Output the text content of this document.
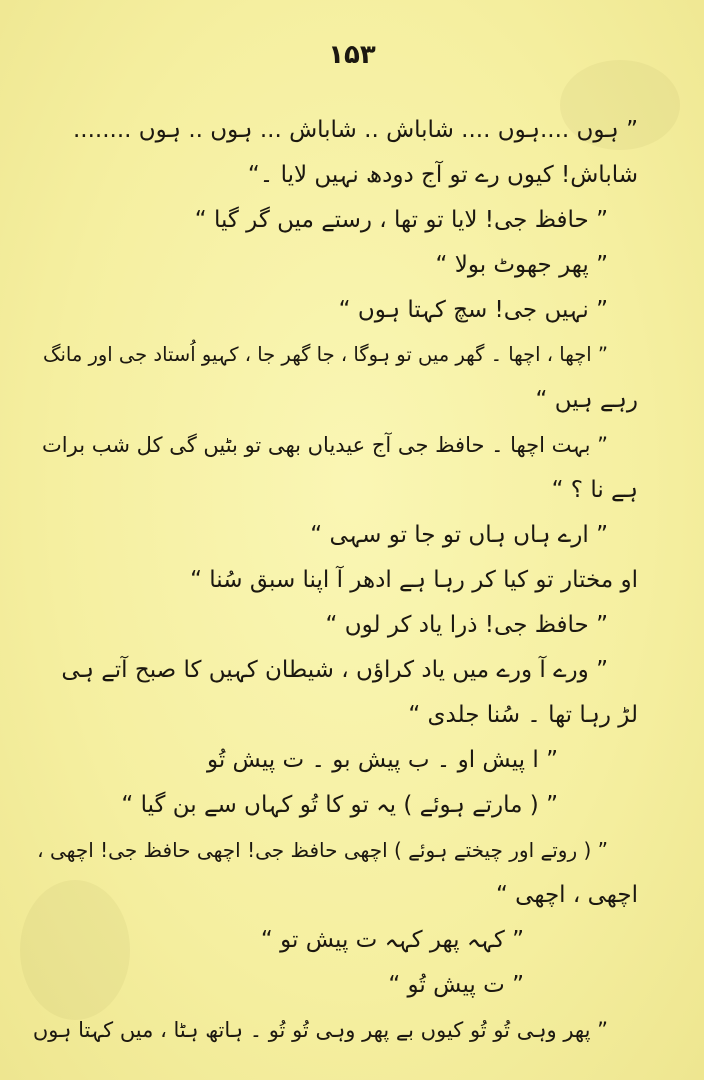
۱۵۳
” ہوں ....ہوں .... شاباش .. شاباش ... ہوں .. ہوں ........
شاباش! کیوں رے تو آج دودھ نہیں لایا ۔“
” حافظ جی! لایا تو تھا ، رستے میں گر گیا “
” پھر جھوٹ بولا “
” نہیں جی! سچ کہتا ہوں “
” اچھا ، اچھا ۔ گھر میں تو ہوگا ، جا گھر جا ، کہیو اُستاد جی اور مانگ
رہے ہیں “
” بہت اچھا ۔ حافظ جی آج عیدیاں بھی تو بٹیں گی کل شب برات
ہے نا ؟ “
” ارے ہاں ہاں تو جا تو سہی “
او مختار تو کیا کر رہا ہے ادھر آ اپنا سبق سُنا “
” حافظ جی! ذرا یاد کر لوں “
” ورے آ ورے میں یاد کراؤں ، شیطان کہیں کا صبح آتے ہی
لڑ رہا تھا ۔ سُنا جلدی “
” ا پیش او ۔ ب پیش بو ۔ ت پیش تُو
” ( مارتے ہوئے ) یہ تو کا تُو کہاں سے بن گیا “
” ( روتے اور چیختے ہوئے ) اچھی حافظ جی! اچھی حافظ جی! اچھی ،
اچھی ، اچھی “
” کہہ پھر کہہ ت پیش تو “
” ت پیش تُو “
” پھر وہی تُو تُو کیوں بے پھر وہی تُو تُو ۔ ہاتھ ہٹا ، میں کہتا ہوں
